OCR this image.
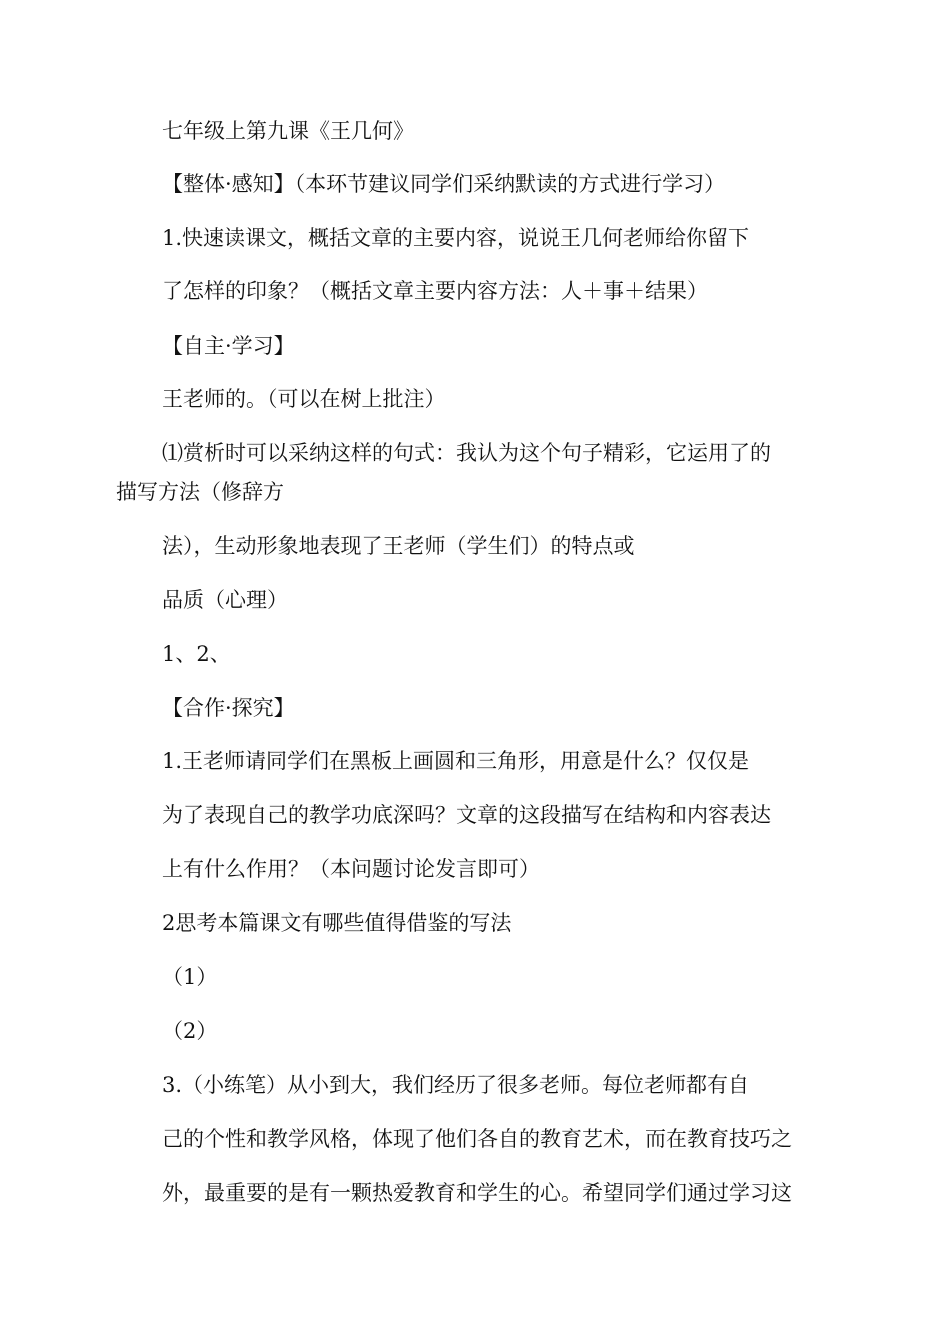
七年级上第九课《王几何》
【整体·感知】（本环节建议同学们采纳默读的方式进行学习）
1.快速读课文，概括文章的主要内容，说说王几何老师给你留下
了怎样的印象？（概括文章主要内容方法：人＋事＋结果）
【自主·学习】
王老师的。（可以在树上批注）
⑴赏析时可以采纳这样的句式：我认为这个句子精彩，它运用了的
描写方法（修辞方
法），生动形象地表现了王老师（学生们）的特点或
品质（心理）
1、2、
【合作·探究】
1.王老师请同学们在黑板上画圆和三角形，用意是什么？仅仅是
为了表现自己的教学功底深吗？文章的这段描写在结构和内容表达
上有什么作用？（本问题讨论发言即可）
2思考本篇课文有哪些值得借鉴的写法
（1）
（2）
3.（小练笔）从小到大，我们经历了很多老师。每位老师都有自
己的个性和教学风格，体现了他们各自的教育艺术，而在教育技巧之
外，最重要的是有一颗热爱教育和学生的心。希望同学们通过学习这
